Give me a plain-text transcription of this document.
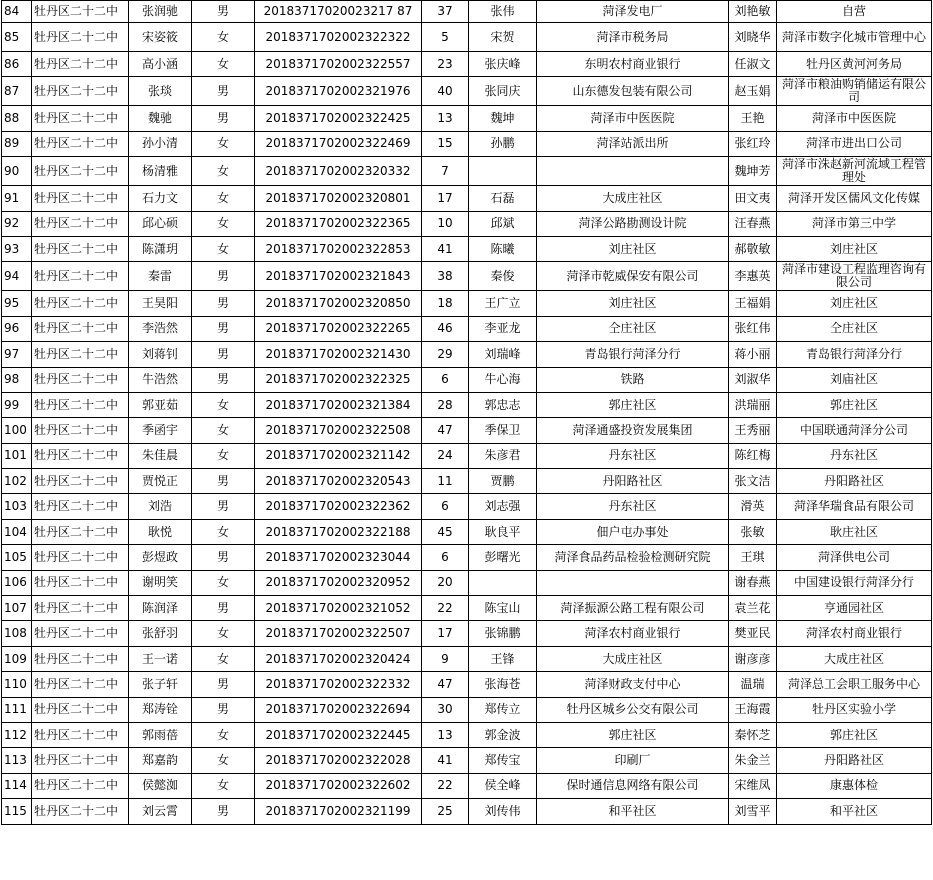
84	牡丹区二十二中	张润驰	男	20183717020023217 87	37	张伟	菏泽发电厂	刘艳敏	自营
85	牡丹区二十二中	宋姿筱	女	2018371702002322322	5	宋贺	菏泽市税务局	刘晓华	菏泽市数字化城市管理中心
86	牡丹区二十二中	高小涵	女	2018371702002322557	23	张庆峰	东明农村商业银行	任淑文	牡丹区黄河河务局
87	牡丹区二十二中	张琰	男	2018371702002321976	40	张同庆	山东德发包装有限公司	赵玉娟	菏泽市粮油购销储运有限公司
88	牡丹区二十二中	魏驰	男	2018371702002322425	13	魏坤	菏泽市中医医院	王艳	菏泽市中医医院
89	牡丹区二十二中	孙小清	女	2018371702002322469	15	孙鹏	菏泽站派出所	张红玲	菏泽市进出口公司
90	牡丹区二十二中	杨清雅	女	2018371702002320332	7			魏坤芳	菏泽市洙赵新河流域工程管理处
91	牡丹区二十二中	石力文	女	2018371702002320801	17	石磊	大成庄社区	田文夷	菏泽开发区儒风文化传媒
92	牡丹区二十二中	邱心硕	女	2018371702002322365	10	邱斌	菏泽公路勘测设计院	汪春燕	菏泽市第三中学
93	牡丹区二十二中	陈潇玥	女	2018371702002322853	41	陈曦	刘庄社区	郝敬敏	刘庄社区
94	牡丹区二十二中	秦雷	男	2018371702002321843	38	秦俊	菏泽市乾威保安有限公司	李惠英	菏泽市建设工程监理咨询有限公司
95	牡丹区二十二中	王昊阳	男	2018371702002320850	18	王广立	刘庄社区	王福娟	刘庄社区
96	牡丹区二十二中	李浩然	男	2018371702002322265	46	李亚龙	仝庄社区	张红伟	仝庄社区
97	牡丹区二十二中	刘蒋钊	男	2018371702002321430	29	刘瑞峰	青岛银行菏泽分行	蒋小丽	青岛银行菏泽分行
98	牡丹区二十二中	牛浩然	男	2018371702002322325	6	牛心海	铁路	刘淑华	刘庙社区
99	牡丹区二十二中	郭亚茹	女	2018371702002321384	28	郭忠志	郭庄社区	洪瑞丽	郭庄社区
100	牡丹区二十二中	季函宇	女	2018371702002322508	47	季保卫	菏泽通盛投资发展集团	王秀丽	中国联通菏泽分公司
101	牡丹区二十二中	朱佳晨	女	2018371702002321142	24	朱彦君	丹东社区	陈红梅	丹东社区
102	牡丹区二十二中	贾悦正	男	2018371702002320543	11	贾鹏	丹阳路社区	张文洁	丹阳路社区
103	牡丹区二十二中	刘浩	男	2018371702002322362	6	刘志强	丹东社区	滑英	菏泽华瑞食品有限公司
104	牡丹区二十二中	耿悦	女	2018371702002322188	45	耿良平	佃户屯办事处	张敏	耿庄社区
105	牡丹区二十二中	彭煜政	男	2018371702002323044	6	彭曙光	菏泽食品药品检验检测研究院	王琪	菏泽供电公司
106	牡丹区二十二中	谢明笑	女	2018371702002320952	20			谢春燕	中国建设银行菏泽分行
107	牡丹区二十二中	陈润泽	男	2018371702002321052	22	陈宝山	菏泽振源公路工程有限公司	袁兰花	亨通园社区
108	牡丹区二十二中	张舒羽	女	2018371702002322507	17	张锦鹏	菏泽农村商业银行	樊亚民	菏泽农村商业银行
109	牡丹区二十二中	王一诺	女	2018371702002320424	9	王锋	大成庄社区	谢彦彦	大成庄社区
110	牡丹区二十二中	张子轩	男	2018371702002322332	47	张海苍	菏泽财政支付中心	温瑞	菏泽总工会职工服务中心
111	牡丹区二十二中	郑涛铨	男	2018371702002322694	30	郑传立	牡丹区城乡公交有限公司	王海霞	牡丹区实验小学
112	牡丹区二十二中	郭雨蓓	女	2018371702002322445	13	郭金波	郭庄社区	秦怀芝	郭庄社区
113	牡丹区二十二中	郑嘉韵	女	2018371702002322028	41	郑传宝	印刷厂	朱金兰	丹阳路社区
114	牡丹区二十二中	侯懿洳	女	2018371702002322602	22	侯全峰	保时通信息网络有限公司	宋维凤	康惠体检
115	牡丹区二十二中	刘云霄	男	2018371702002321199	25	刘传伟	和平社区	刘雪平	和平社区
